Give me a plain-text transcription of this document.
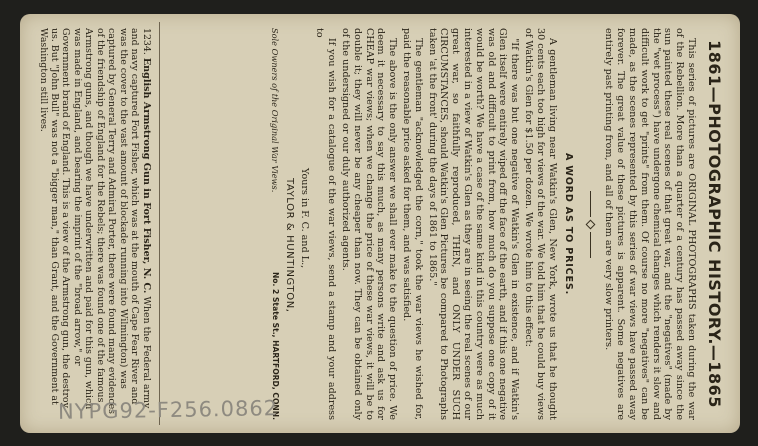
1861—PHOTOGRAPHIC HISTORY.—1865
This series of pictures are ORIGINAL PHOTOGRAPHS taken during the war of the Rebellion. More than a quarter of a century has passed away since the sun painted these real scenes of that great war, and the "negatives" (made by the "wet process") have undergone chemical changes which renders it slow and difficult work to get "prints" from them. Of course no more "negatives" can be made, as the scenes represented by this series of war views have passed away forever. The great value of these pictures is apparent. Some negatives are entirely past printing from, and all of them are very slow printers.
A WORD AS TO PRICES.
A gentleman living near Watkin's Glen, New York, wrote us that he thought 30 cents each too high for views of the war. We told him that he could buy views of Watkin's Glen for $1.50 per dozen. We wrote him to this effect:
"If there was but one negative of Watkin's Glen in existence, and if Watkin's Glen itself were entirely wiped off the face of the earth, and if this one negative was old and difficult to print from, how much do you suppose one copy of it would be worth? We have a case of the same kind in this country were as much interested in a view of Watkin's Glen as they are in seeing the real scenes of our great war, so faithfully reproduced, THEN, and ONLY UNDER SUCH CIRCUMSTANCES, should Watkin's Glen Pictures be compared to Photographs taken 'at the front' during the days of 1861 to 1865."
The gentleman "acknowledged the corn," took the war views he wished for, paid the reasonable price asked for them, and was satisfied.
The above is the only answer we shall ever make to the question of price. We deem it necessary to say this much, as many persons write and ask us for CHEAP war views; when we change the price of these war views, it will be to double it; they will never be any cheaper than now. They can be obtained only of the undersigned or our duly authorized agents.
If you wish for a catalogue of the war views, send a stamp and your address to
Yours in F. C. and L.,
TAYLOR & HUNTINGTON,
Sole Owners of the Original War Views.
No. 2 State St., HARTFORD, CONN.
1234. English Armstrong Gun in Fort Fisher, N. C. When the Federal army and navy captured Fort Fisher, which was at the mouth of Cape Fear River and was the cover to the vast amount of blockade running into Wilmington) was captured by General Terry and Admiral Porter, there were found many evidences of the friendship of England for the Rebels; there was found one of the famous Armstrong guns, and though we have underwritten and paid for this gun, which was made in England, and bearing the imprint of the "broad arrow," or Government brand of England. This is a view of the Armstrong gun, the destroy us. But "John Bull" was not a "bigger man," than Grant, and the Government at Washington still lives.
NYPG92-F256.0862
